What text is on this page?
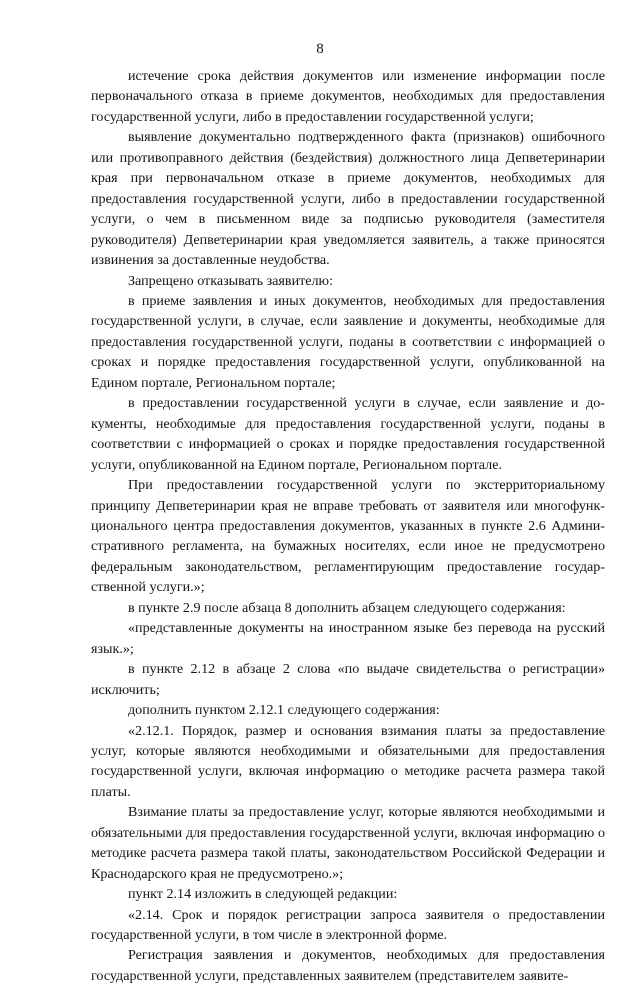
8

истечение срока действия документов или изменение информации после первоначального отказа в приеме документов, необходимых для предоставления государственной услуги, либо в предоставлении государственной услуги;

выявление документально подтвержденного факта (признаков) ошибочного или противоправного действия (бездействия) должностного лица Депветеринарии края при первоначальном отказе в приеме документов, необходимых для предоставления государственной услуги, либо в предоставлении государственной услуги, о чем в письменном виде за подписью руководителя (заместителя руководителя) Депветеринарии края уведомляется заявитель, а также приносятся извинения за доставленные неудобства.

Запрещено отказывать заявителю:

в приеме заявления и иных документов, необходимых для предоставления государственной услуги, в случае, если заявление и документы, необходимые для предоставления государственной услуги, поданы в соответствии с информацией о сроках и порядке предоставления государственной услуги, опубликованной на Едином портале, Региональном портале;

в предоставлении государственной услуги в случае, если заявление и документы, необходимые для предоставления государственной услуги, поданы в соответствии с информацией о сроках и порядке предоставления государственной услуги, опубликованной на Едином портале, Региональном портале.

При предоставлении государственной услуги по экстерриториальному принципу Депветеринарии края не вправе требовать от заявителя или многофункционального центра предоставления документов, указанных в пункте 2.6 Административного регламента, на бумажных носителях, если иное не предусмотрено федеральным законодательством, регламентирующим предоставление государственной услуги.»;

в пункте 2.9 после абзаца 8 дополнить абзацем следующего содержания:

«представленные документы на иностранном языке без перевода на русский язык.»;

в пункте 2.12 в абзаце 2 слова «по выдаче свидетельства о регистрации» исключить;

дополнить пунктом 2.12.1 следующего содержания:

«2.12.1. Порядок, размер и основания взимания платы за предоставление услуг, которые являются необходимыми и обязательными для предоставления государственной услуги, включая информацию о методике расчета размера такой платы.

Взимание платы за предоставление услуг, которые являются необходимыми и обязательными для предоставления государственной услуги, включая информацию о методике расчета размера такой платы, законодательством Российской Федерации и Краснодарского края не предусмотрено.»;

пункт 2.14 изложить в следующей редакции:

«2.14. Срок и порядок регистрации запроса заявителя о предоставлении государственной услуги, в том числе в электронной форме.

Регистрация заявления и документов, необходимых для предоставления государственной услуги, представленных заявителем (представителем заявите-
